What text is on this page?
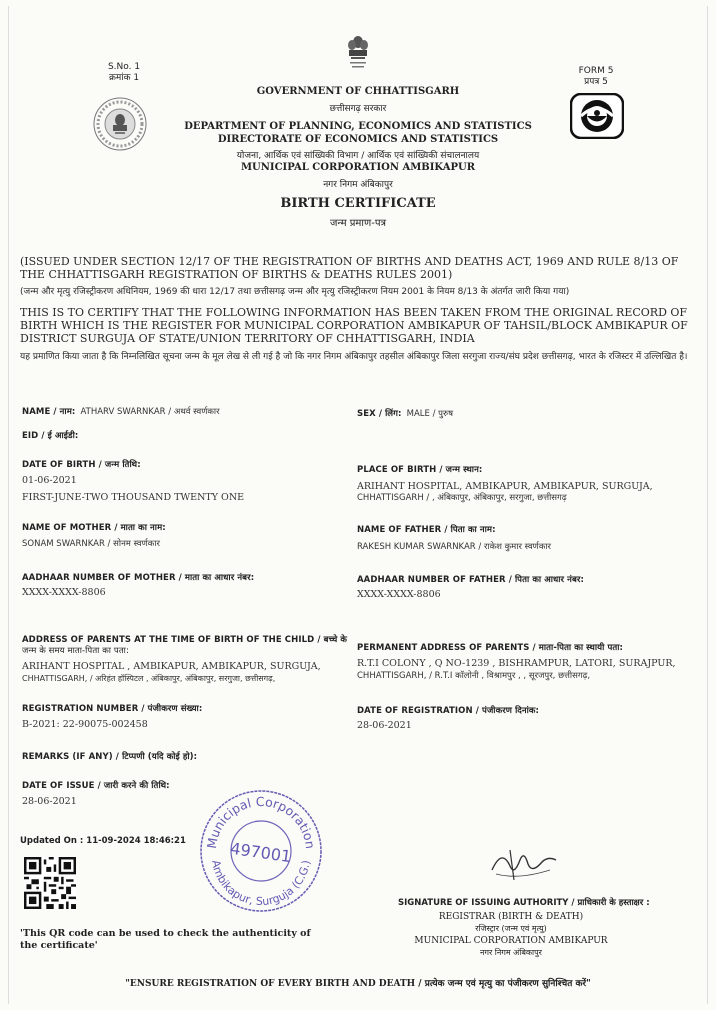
S.No. 1
क्रमांक 1
FORM 5
प्रपत्र 5
GOVERNMENT OF CHHATTISGARH
छत्तीसगढ़ सरकार
DEPARTMENT OF PLANNING, ECONOMICS AND STATISTICS
DIRECTORATE OF ECONOMICS AND STATISTICS
योजना, आर्थिक एवं सांख्यिकी विभाग / आर्थिक एवं सांख्यिकी संचालनालय
MUNICIPAL CORPORATION AMBIKAPUR
नगर निगम अंबिकापुर
BIRTH CERTIFICATE
जन्म प्रमाण-पत्र
(ISSUED UNDER SECTION 12/17 OF THE REGISTRATION OF BIRTHS AND DEATHS ACT, 1969 AND RULE 8/13 OF THE CHHATTISGARH REGISTRATION OF BIRTHS & DEATHS RULES 2001)
(जन्म और मृत्यु रजिस्ट्रीकरण अधिनियम, 1969 की धारा 12/17 तथा छत्तीसगढ़ जन्म और मृत्यु रजिस्ट्रीकरण नियम 2001 के नियम 8/13 के अंतर्गत जारी किया गया)
THIS IS TO CERTIFY THAT THE FOLLOWING INFORMATION HAS BEEN TAKEN FROM THE ORIGINAL RECORD OF BIRTH WHICH IS THE REGISTER FOR MUNICIPAL CORPORATION AMBIKAPUR OF TAHSIL/BLOCK AMBIKAPUR OF DISTRICT SURGUJA OF STATE/UNION TERRITORY OF CHHATTISGARH, INDIA
यह प्रमाणित किया जाता है कि निम्नलिखित सूचना जन्म के मूल लेख से ली गई है जो कि नगर निगम अंबिकापुर तहसील अंबिकापुर जिला सरगुजा राज्य/संघ प्रदेश छत्तीसगढ़, भारत के रजिस्टर में उल्लिखित है।
NAME / नाम: ATHARV SWARNKAR / अथर्व स्वर्णकार	SEX / लिंग: MALE / पुरुष
EID / ई आईडी:
DATE OF BIRTH / जन्म तिथि:
01-06-2021
FIRST-JUNE-TWO THOUSAND TWENTY ONE
PLACE OF BIRTH / जन्म स्थान:
ARIHANT HOSPITAL, AMBIKAPUR, AMBIKAPUR, SURGUJA,
CHHATTISGARH / , अंबिकापुर, अंबिकापुर, सरगुजा, छत्तीसगढ़
NAME OF MOTHER / माता का नाम:
SONAM SWARNKAR / सोनम स्वर्णकार
NAME OF FATHER / पिता का नाम:
RAKESH KUMAR SWARNKAR / राकेश कुमार स्वर्णकार
AADHAAR NUMBER OF MOTHER / माता का आधार नंबर:
XXXX-XXXX-8806
AADHAAR NUMBER OF FATHER / पिता का आधार नंबर:
XXXX-XXXX-8806
ADDRESS OF PARENTS AT THE TIME OF BIRTH OF THE CHILD / बच्चे के
जन्म के समय माता-पिता का पता:
ARIHANT HOSPITAL , AMBIKAPUR, AMBIKAPUR, SURGUJA,
CHHATTISGARH, / अरिहंत हॉस्पिटल , अंबिकापुर, अंबिकापुर, सरगुजा, छत्तीसगढ़,
PERMANENT ADDRESS OF PARENTS / माता-पिता का स्थायी पता:
R.T.I COLONY , Q NO-1239 , BISHRAMPUR, LATORI, SURAJPUR,
CHHATTISGARH, / R.T.I कॉलोनी , विश्रामपुर , , सूरजपुर, छत्तीसगढ़,
REGISTRATION NUMBER / पंजीकरण संख्या:
B-2021: 22-90075-002458
DATE OF REGISTRATION / पंजीकरण दिनांक:
28-06-2021
REMARKS (IF ANY) / टिप्पणी (यदि कोई हो):
DATE OF ISSUE / जारी करने की तिथि:
28-06-2021
Updated On : 11-09-2024 18:46:21
'This QR code can be used to check the authenticity of the certificate'
Municipal Corporation
Ambikapur, Surguja (C.G.)
497001
SIGNATURE OF ISSUING AUTHORITY / प्राधिकारी के हस्ताक्षर :
REGISTRAR (BIRTH & DEATH)
रजिस्ट्रार (जन्म एवं मृत्यु)
MUNICIPAL CORPORATION AMBIKAPUR
नगर निगम अंबिकापुर
"ENSURE REGISTRATION OF EVERY BIRTH AND DEATH / प्रत्येक जन्म एवं मृत्यु का पंजीकरण सुनिश्चित करें"
